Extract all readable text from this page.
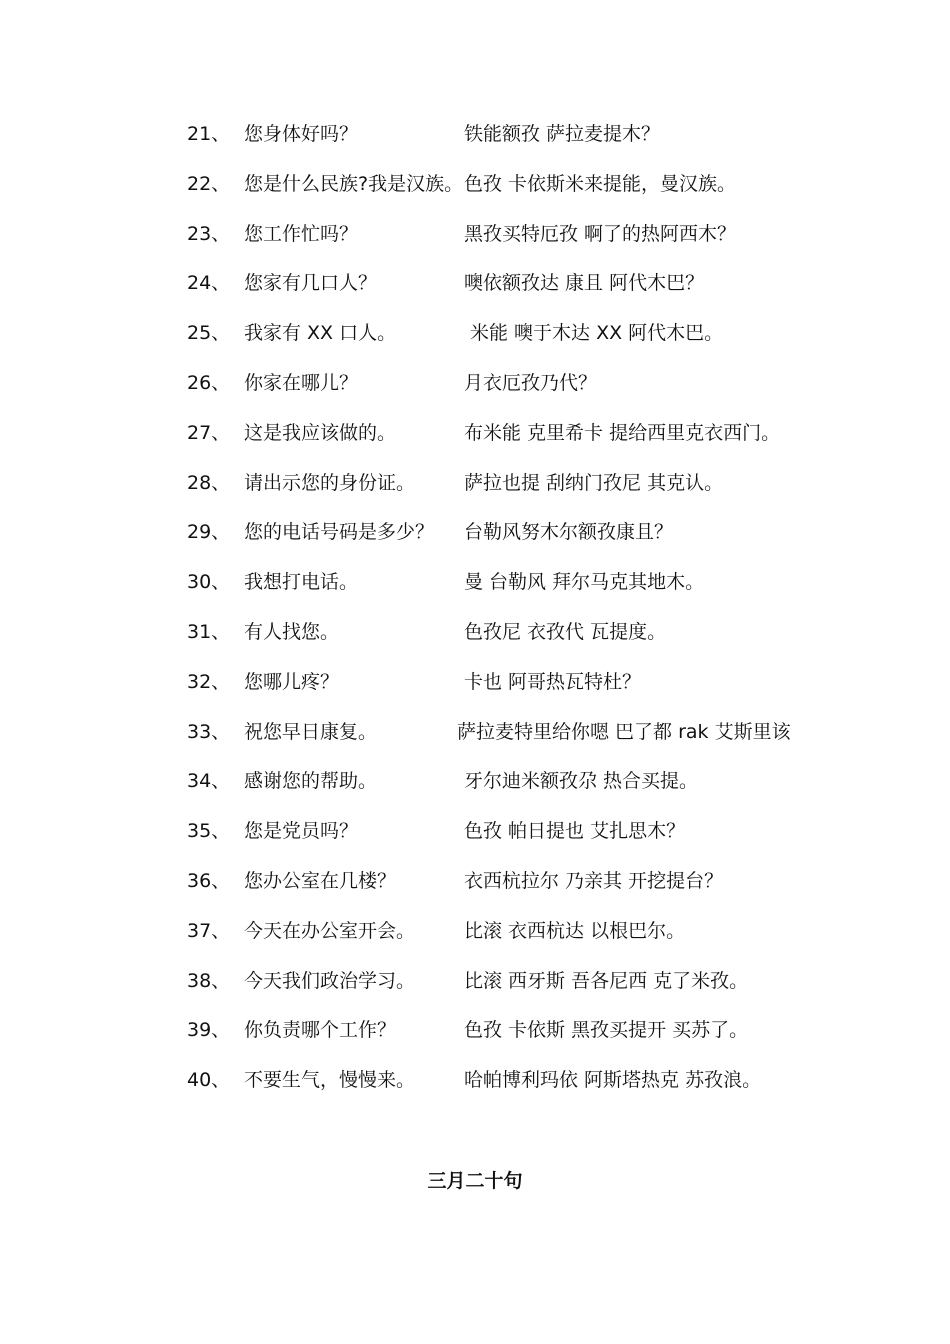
21、 您身体好吗？	铁能额孜 萨拉麦提木？
22、 您是什么民族?我是汉族。 色孜 卡依斯米来提能，曼汉族。
23、 您工作忙吗？	黑孜买特厄孜 啊了的热阿西木？
24、 您家有几口人？	噢依额孜达 康且 阿代木巴？
25、 我家有 XX 口人。	米能 噢于木达 XX 阿代木巴。
26、 你家在哪儿？	月衣厄孜乃代？
27、 这是我应该做的。	布米能 克里希卡 提给西里克衣西门。
28、 请出示您的身份证。	萨拉也提 刮纳门孜尼 其克认。
29、 您的电话号码是多少？ 台勒风努木尔额孜康且？
30、 我想打电话。	曼 台勒风 拜尔马克其地木。
31、 有人找您。	色孜尼 衣孜代 瓦提度。
32、 您哪儿疼？	卡也 阿哥热瓦特杜？
33、 祝您早日康复。	萨拉麦特里给你嗯 巴了都 rak 艾斯里该
34、 感谢您的帮助。	牙尔迪米额孜尕 热合买提。
35、 您是党员吗？	色孜 帕日提也 艾扎思木？
36、 您办公室在几楼？	衣西杭拉尔 乃亲其 开挖提台？
37、 今天在办公室开会。	比滚 衣西杭达 以根巴尔。
38、 今天我们政治学习。	比滚 西牙斯 吾各尼西 克了米孜。
39、 你负责哪个工作？	色孜 卡依斯 黑孜买提开 买苏了。
40、 不要生气，慢慢来。	哈帕博利玛依 阿斯塔热克 苏孜浪。
三月二十句
